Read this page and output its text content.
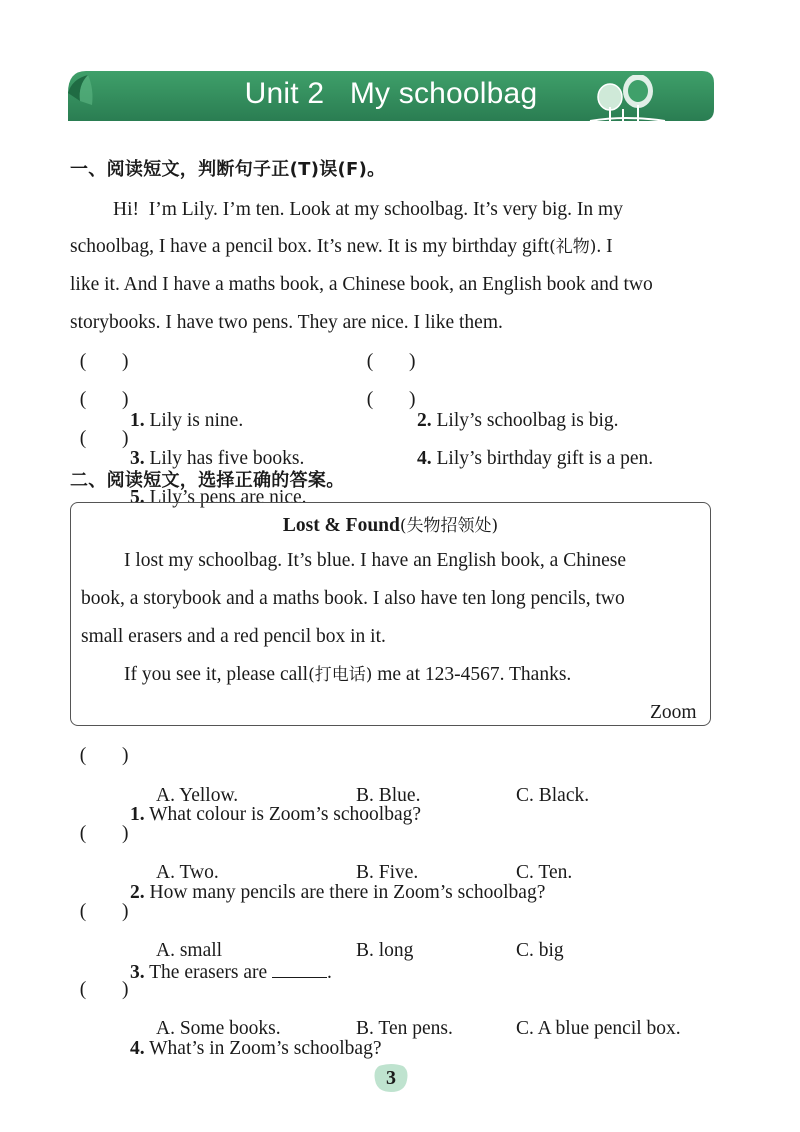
Unit 2   My schoolbag
一、阅读短文，判断句子正(T)误(F)。
Hi!  I’m Lily. I’m ten. Look at my schoolbag. It’s very big. In my
schoolbag, I have a pencil box. It’s new. It is my birthday gift(礼物). I
like it. And I have a maths book, a Chinese book, an English book and two
storybooks. I have two pens. They are nice. I like them.

(

)

1. Lily is nine.

(

)

2. Lily’s schoolbag is big.

(

)

3. Lily has five books.

(

)

4. Lily’s birthday gift is a pen.

(

)

5. Lily’s pens are nice.

二、阅读短文，选择正确的答案。
Lost & Found(失物招领处)
I lost my schoolbag. It’s blue. I have an English book, a Chinese
book, a storybook and a maths book. I also have ten long pencils, two
small erasers and a red pencil box in it.
If you see it, please call(打电话) me at 123-4567. Thanks.
Zoom

(

)

1. What colour is Zoom’s schoolbag?

A. Yellow.	B. Blue.	C. Black.

(

)

2. How many pencils are there in Zoom’s schoolbag?

A. Two.	B. Five.	C. Ten.

(

)

3. The erasers are	.

A. small	B. long	C. big

(

)

4. What’s in Zoom’s schoolbag?

A. Some books.	B. Ten pens.	C. A blue pencil box.
3
